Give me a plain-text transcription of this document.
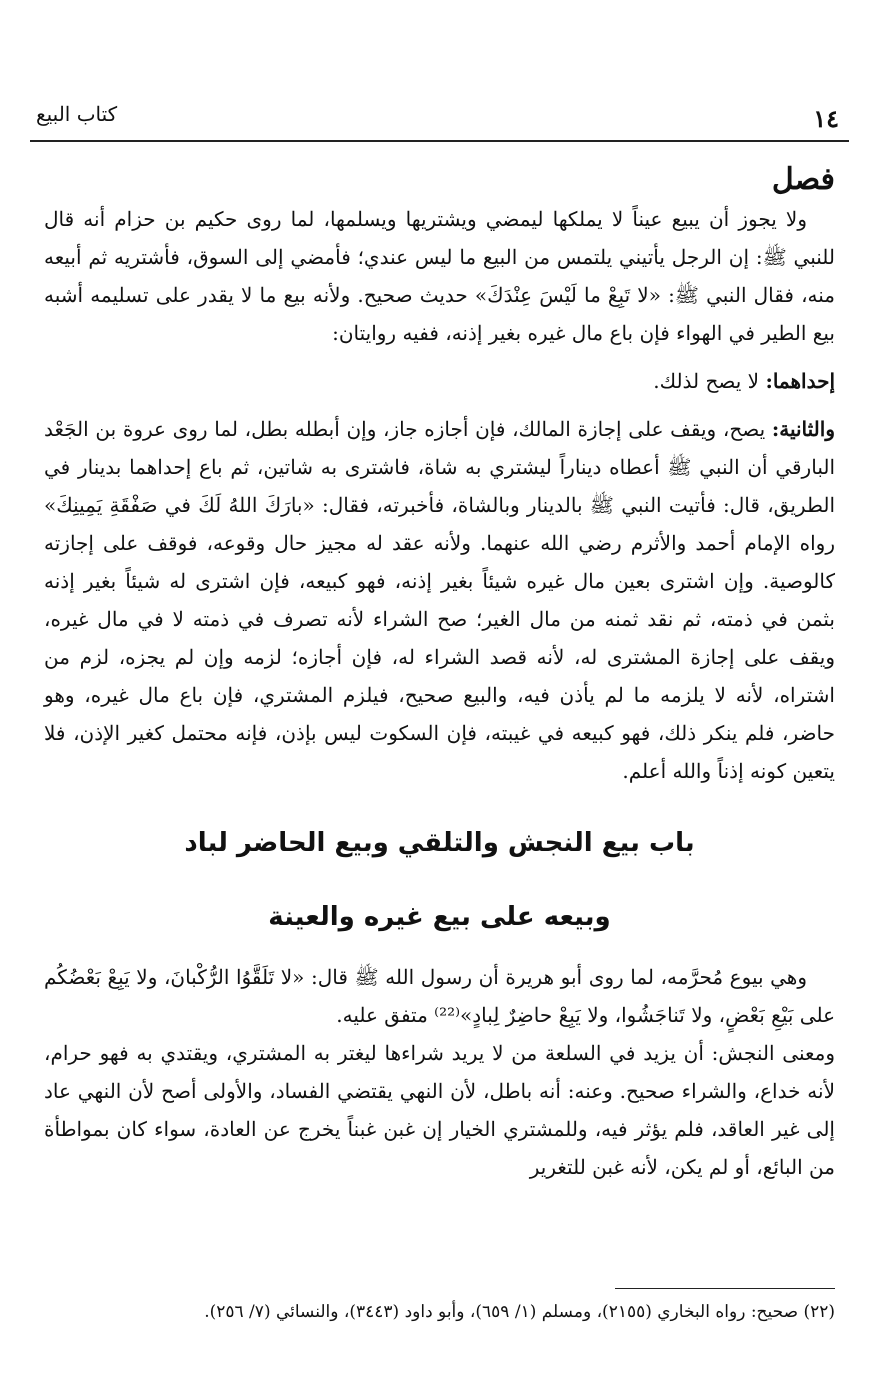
١٤
كتاب البيع
فصل

ولا يجوز أن يبيع عيناً لا يملكها ليمضي ويشتريها ويسلمها، لما روى حكيم بن حزام أنه قال للنبي ﷺ: إن الرجل يأتيني يلتمس من البيع ما ليس عندي؛ فأمضي إلى السوق، فأشتريه ثم أبيعه منه، فقال النبي ﷺ: «لا تَبِعْ ما لَيْسَ عِنْدَكَ» حديث صحيح. ولأنه بيع ما لا يقدر على تسليمه أشبه بيع الطير في الهواء فإن باع مال غيره بغير إذنه، ففيه روايتان:

إحداهما: لا يصح لذلك.

والثانية: يصح، ويقف على إجازة المالك، فإن أجازه جاز، وإن أبطله بطل، لما روى عروة بن الجَعْد البارقي أن النبي ﷺ أعطاه ديناراً ليشتري به شاة، فاشترى به شاتين، ثم باع إحداهما بدينار في الطريق، قال: فأتيت النبي ﷺ بالدينار وبالشاة، فأخبرته، فقال: «بارَكَ اللهُ لَكَ في صَفْقَةِ يَمِينِكَ» رواه الإمام أحمد والأثرم رضي الله عنهما. ولأنه عقد له مجيز حال وقوعه، فوقف على إجازته كالوصية. وإن اشترى بعين مال غيره شيئاً بغير إذنه، فهو كبيعه، فإن اشترى له شيئاً بغير إذنه بثمن في ذمته، ثم نقد ثمنه من مال الغير؛ صح الشراء لأنه تصرف في ذمته لا في مال غيره، ويقف على إجازة المشترى له، لأنه قصد الشراء له، فإن أجازه؛ لزمه وإن لم يجزه، لزم من اشتراه، لأنه لا يلزمه ما لم يأذن فيه، والبيع صحيح، فيلزم المشتري، فإن باع مال غيره، وهو حاضر، فلم ينكر ذلك، فهو كبيعه في غيبته، فإن السكوت ليس بإذن، فإنه محتمل كغير الإذن، فلا يتعين كونه إذناً والله أعلم.

باب بيع النجش والتلقي وبيع الحاضر لباد
وبيعه على بيع غيره والعينة

وهي بيوع مُحرَّمه، لما روى أبو هريرة أن رسول الله ﷺ قال: «لا تَلَقَّوُا الرُّكْبانَ، ولا يَبِعْ بَعْضُكُم على بَيْعِ بَعْضٍ، ولا تَناجَشُوا، ولا يَبِعْ حاضِرٌ لِبادٍ»⁽²²⁾ متفق عليه.

ومعنى النجش: أن يزيد في السلعة من لا يريد شراءها ليغتر به المشتري، ويقتدي به فهو حرام، لأنه خداع، والشراء صحيح. وعنه: أنه باطل، لأن النهي يقتضي الفساد، والأولى أصح لأن النهي عاد إلى غير العاقد، فلم يؤثر فيه، وللمشتري الخيار إن غبن غبناً يخرج عن العادة، سواء كان بمواطأة من البائع، أو لم يكن، لأنه غبن للتغرير

(٢٢) صحيح: رواه البخاري (٢١٥٥)، ومسلم (١/ ٦٥٩)، وأبو داود (٣٤٤٣)، والنسائي (٧/ ٢٥٦).
